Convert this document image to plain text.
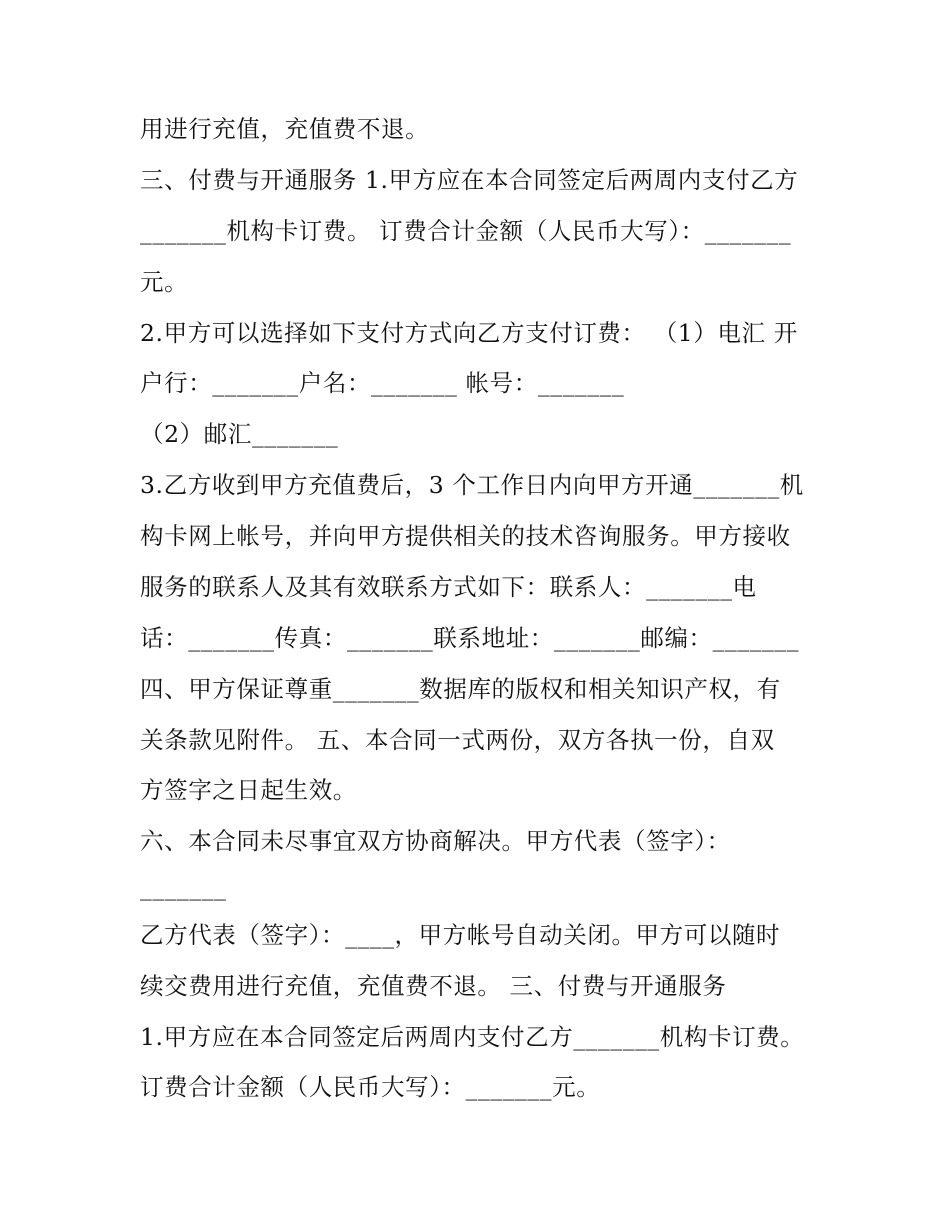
用进行充值，充值费不退。
三、付费与开通服务 1.甲方应在本合同签定后两周内支付乙方
_______机构卡订费。 订费合计金额（人民币大写）：_______
元。
2.甲方可以选择如下支付方式向乙方支付订费： （1）电汇 开
户行：_______户名：_______ 帐号：_______
（2）邮汇_______
3.乙方收到甲方充值费后，3 个工作日内向甲方开通_______机
构卡网上帐号，并向甲方提供相关的技术咨询服务。甲方接收
服务的联系人及其有效联系方式如下：联系人：_______电
话：_______传真：_______联系地址：_______邮编：_______
四、甲方保证尊重_______数据库的版权和相关知识产权，有
关条款见附件。 五、本合同一式两份，双方各执一份，自双
方签字之日起生效。
六、本合同未尽事宜双方协商解决。甲方代表（签字）：
_______
乙方代表（签字）：____，甲方帐号自动关闭。甲方可以随时
续交费用进行充值，充值费不退。 三、付费与开通服务
1.甲方应在本合同签定后两周内支付乙方_______机构卡订费。
订费合计金额（人民币大写）：_______元。
